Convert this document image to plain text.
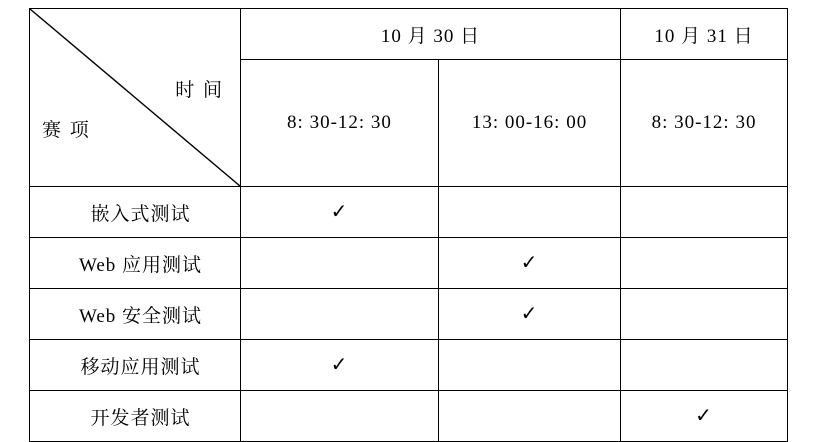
时 间
赛 项	10 月 30 日		10 月 31 日
	8: 30-12: 30	13: 00-16: 00	8: 30-12: 30
嵌入式测试	✓		
Web 应用测试		✓	
Web 安全测试		✓	
移动应用测试	✓		
开发者测试			✓
